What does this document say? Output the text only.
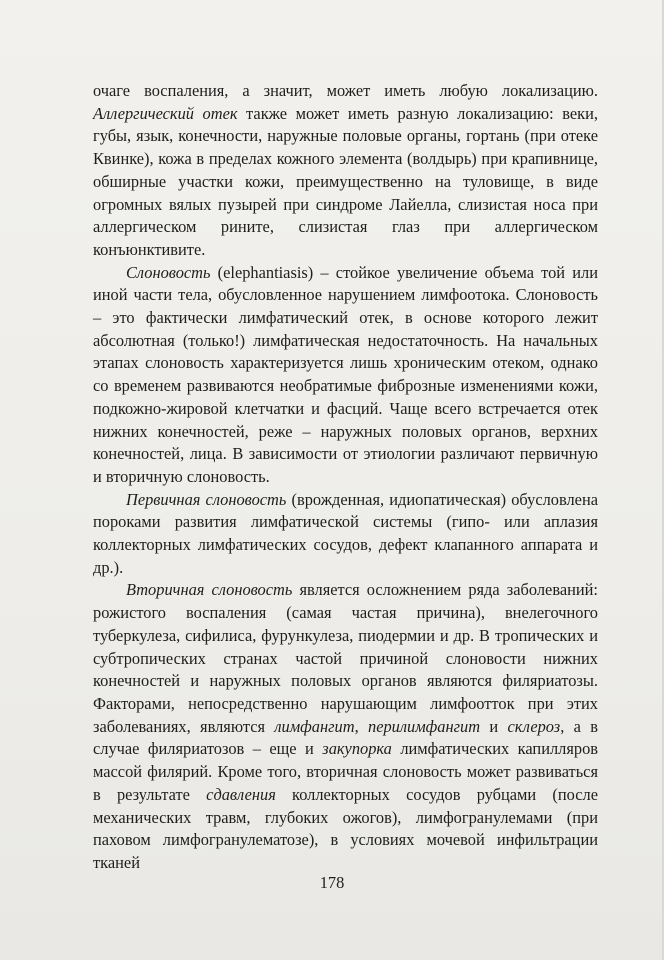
очаге воспаления, а значит, может иметь любую локализацию. Аллергический отек также может иметь разную локализацию: веки, губы, язык, конечности, наружные половые органы, гортань (при отеке Квинке), кожа в пределах кожного элемента (волдырь) при крапивнице, обширные участки кожи, преимущественно на туловище, в виде огромных вялых пузырей при синдроме Лайелла, слизистая носа при аллергическом рините, слизистая глаз при аллергическом конъюнктивите.

Слоновость (elephantiasis) – стойкое увеличение объема той или иной части тела, обусловленное нарушением лимфоотока. Слоновость – это фактически лимфатический отек, в основе которого лежит абсолютная (только!) лимфатическая недостаточность. На начальных этапах слоновость характеризуется лишь хроническим отеком, однако со временем развиваются необратимые фиброзные изменениями кожи, подкожно-жировой клетчатки и фасций. Чаще всего встречается отек нижних конечностей, реже – наружных половых органов, верхних конечностей, лица. В зависимости от этиологии различают первичную и вторичную слоновость.

Первичная слоновость (врожденная, идиопатическая) обусловлена пороками развития лимфатической системы (гипо- или аплазия коллекторных лимфатических сосудов, дефект клапанного аппарата и др.).

Вторичная слоновость является осложнением ряда заболеваний: рожистого воспаления (самая частая причина), внелегочного туберкулеза, сифилиса, фурункулеза, пиодермии и др. В тропических и субтропических странах частой причиной слоновости нижних конечностей и наружных половых органов являются филяриатозы. Факторами, непосредственно нарушающим лимфоотток при этих заболеваниях, являются лимфангит, перилимфангит и склероз, а в случае филяриатозов – еще и закупорка лимфатических капилляров массой филярий. Кроме того, вторичная слоновость может развиваться в результате сдавления коллекторных сосудов рубцами (после механических травм, глубоких ожогов), лимфогранулемами (при паховом лимфогранулематозе), в условиях мочевой инфильтрации тканей

178
